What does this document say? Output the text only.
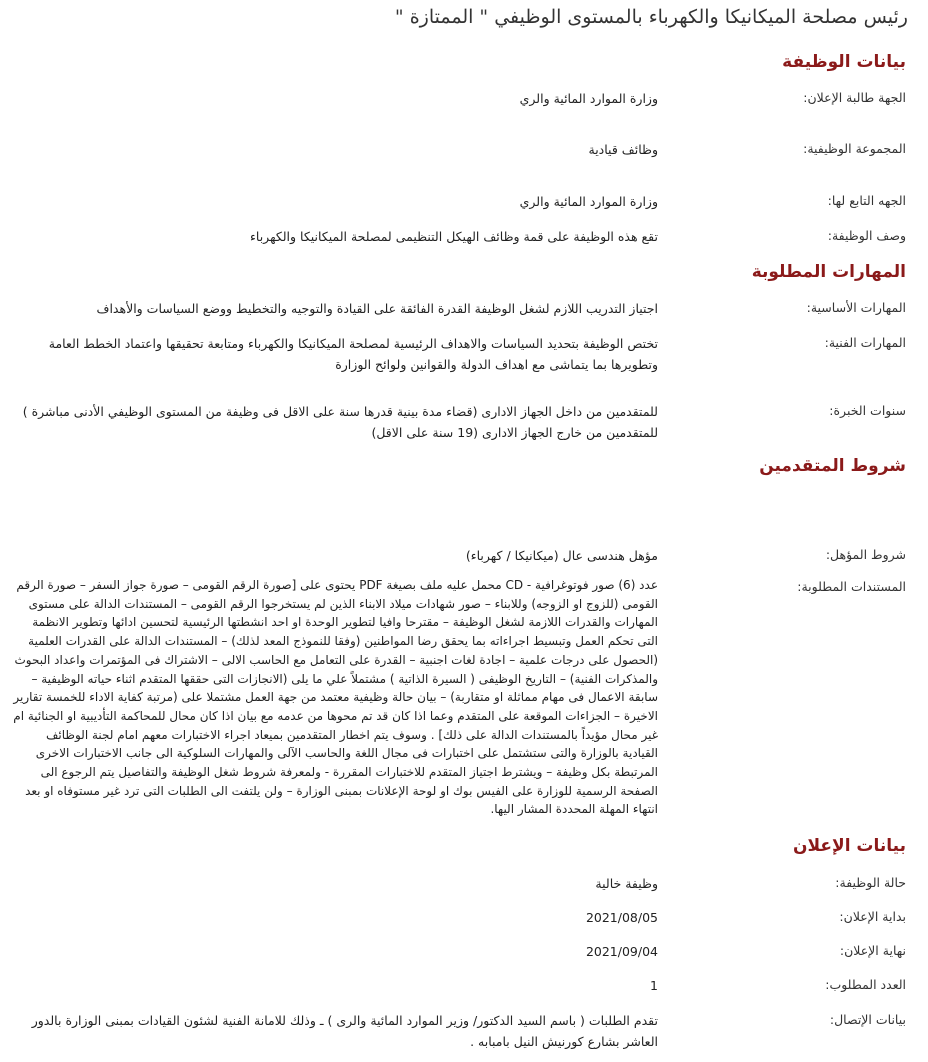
رئيس مصلحة الميكانيكا والكهرباء بالمستوى الوظيفي " الممتازة "
بيانات الوظيفة
الجهة طالبة الإعلان:
وزارة الموارد المائية والري
المجموعة الوظيفية:
وظائف قيادية
الجهه التابع لها:
وزارة الموارد المائية والري
وصف الوظيفة:
تقع هذه الوظيفة على قمة وظائف الهيكل التنظيمى لمصلحة الميكانيكا والكهرباء
المهارات المطلوبة
المهارات الأساسية:
اجتياز التدريب اللازم لشغل الوظيفة القدرة الفائقة على القيادة والتوجيه والتخطيط ووضع السياسات والأهداف
المهارات الفنية:
تختص الوظيفة بتحديد السياسات والاهداف الرئيسية لمصلحة الميكانيكا والكهرباء ومتابعة تحقيقها واعتماد الخطط العامة وتطويرها بما يتماشى مع اهداف الدولة والقوانين ولوائح الوزارة
سنوات الخبرة:
للمتقدمين من داخل الجهاز الادارى (قضاء مدة بينية قدرها سنة على الاقل فى وظيفة من المستوى الوظيفي الأدنى مباشرة ) للمتقدمين من خارج الجهاز الادارى (19 سنة على الاقل)
شروط المتقدمين
شروط المؤهل:
مؤهل هندسى عال (ميكانيكا / كهرباء)
المستندات المطلوبة:
عدد (6) صور فوتوغرافية - CD محمل عليه ملف بصيغة PDF يحتوى على [صورة الرقم القومى – صورة جواز السفر – صورة الرقم القومى (للزوج او الزوجه) وللابناء – صور شهادات ميلاد الابناء الذين لم يستخرجوا الرقم القومى – المستندات الدالة على مستوى المهارات والقدرات اللازمة لشغل الوظيفة – مقترحا وافيا لتطوير الوحدة او احد انشطتها الرئيسية لتحسين ادائها وتطوير الانظمة التى تحكم العمل وتبسيط اجراءاته بما يحقق رضا المواطنين (وفقا للنموذج المعد لذلك) – المستندات الدالة على القدرات العلمية (الحصول على درجات علمية – اجادة لغات اجنبية – القدرة على التعامل مع الحاسب الالى – الاشتراك فى المؤتمرات واعداد البحوث والمذكرات الفنية) – التاريخ الوظيفى ( السيرة الذاتية ) مشتملاً علي ما يلى (الانجازات التى حققها المتقدم اثناء حياته الوظيفية – سابقة الاعمال فى مهام مماثلة او متقاربة) – بيان حالة وظيفية معتمد من جهة العمل مشتملا على (مرتبة كفاية الاداء للخمسة تقارير الاخيرة – الجزاءات الموقعة على المتقدم وعما اذا كان قد تم محوها من عدمه مع بيان اذا كان محال للمحاكمة التأديبية او الجنائية ام غير محال مؤيداً بالمستندات الدالة على ذلك] . وسوف يتم اخطار المتقدمين بميعاد اجراء الاختبارات معهم امام لجنة الوظائف القيادية بالوزارة والتى ستشتمل على اختبارات فى مجال اللغة والحاسب الآلى والمهارات السلوكية الى جانب الاختبارات الاخرى المرتبطة بكل وظيفة – ويشترط اجتياز المتقدم للاختبارات المقررة - ولمعرفة شروط شغل الوظيفة والتفاصيل يتم الرجوع الى الصفحة الرسمية للوزارة على الفيس بوك او لوحة الإعلانات بمبنى الوزارة – ولن يلتفت الى الطلبات التى ترد غير مستوفاه او بعد انتهاء المهلة المحددة المشار اليها.
بيانات الإعلان
حالة الوظيفة:
وظيفة خالية
بداية الإعلان:
2021/08/05
نهاية الإعلان:
2021/09/04
العدد المطلوب:
1
بيانات الإتصال:
تقدم الطلبات ( باسم السيد الدكتور/ وزير الموارد المائية والرى ) ـ وذلك للامانة الفنية لشئون القيادات بمبنى الوزارة بالدور العاشر بشارع كورنيش النيل بامبابه .
